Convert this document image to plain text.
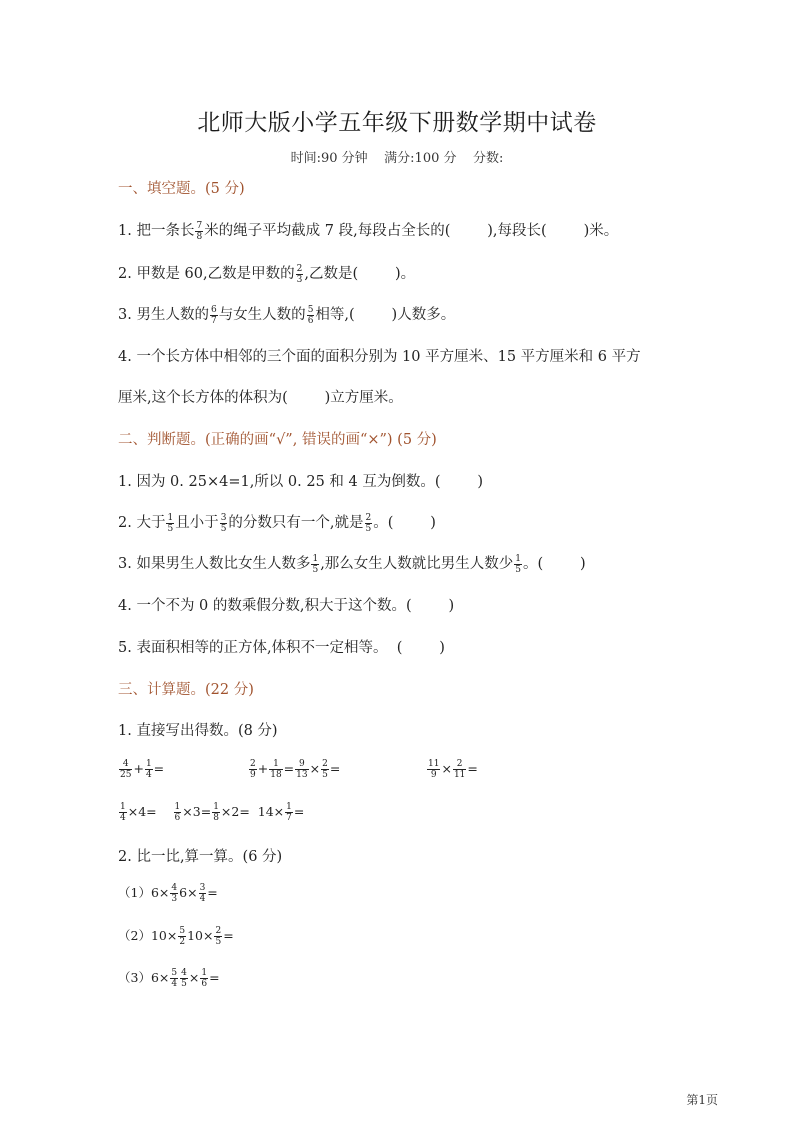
北师大版小学五年级下册数学期中试卷
时间:90 分钟    满分:100 分    分数:
一、填空题。(5 分)
1. 把一条长 $\frac{7}{8}$ 米的绳子平均截成 7 段,每段占全长的(        ),每段长(        )米。
2. 甲数是 60,乙数是甲数的 $\frac{2}{3}$ ,乙数是(        )。
3. 男生人数的 $\frac{6}{7}$ 与女生人数的 $\frac{5}{6}$ 相等,(        )人数多。
4. 一个长方体中相邻的三个面的面积分别为 10 平方厘米、15 平方厘米和 6 平方
厘米,这个长方体的体积为(        )立方厘米。
二、判断题。(正确的画“√”, 错误的画“×”) (5 分)
1. 因为 0. 25×4=1,所以 0. 25 和 4 互为倒数。(        )
2. 大于 $\frac{1}{5}$ 且小于 $\frac{3}{5}$ 的分数只有一个,就是 $\frac{2}{5}$ 。(        )
3. 如果男生人数比女生人数多 $\frac{1}{5}$ ,那么女生人数就比男生人数少 $\frac{1}{5}$ 。(        )
4. 一个不为 0 的数乘假分数,积大于这个数。(        )
5. 表面积相等的正方体,体积不一定相等。  (        )
三、计算题。(22 分)
1. 直接写出得数。(8 分)
$\frac{4}{25} + \frac{1}{4}$ =	$\frac{2}{9} + \frac{1}{18} = \frac{9}{13} \times \frac{2}{5}$ =	$\frac{11}{9} \times \frac{2}{11}$ =
$\frac{1}{4} \times 4= \frac{1}{6} \times 3= \frac{1}{8} \times 2= 14\times \frac{1}{7}$ =
2. 比一比,算一算。(6 分)
$(1)6\times \frac{4}{3} 6\times \frac{3}{4}$ =
$(2)10\times \frac{5}{2} 10\times \frac{2}{5}$ =
$(3)6\times \frac{5}{4} \frac{4}{5} \times \frac{1}{6}$ =
第1页
